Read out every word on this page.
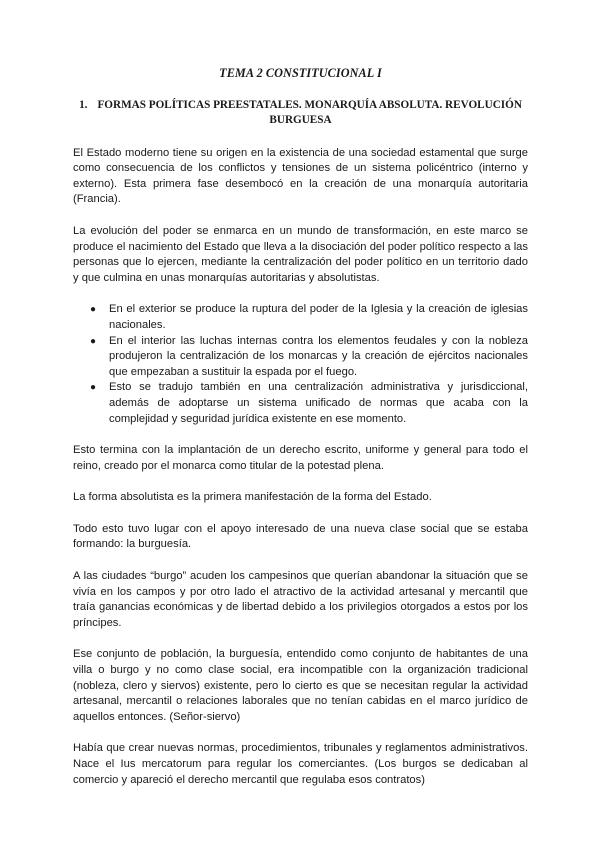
TEMA 2 CONSTITUCIONAL I
1. FORMAS POLÍTICAS PREESTATALES. MONARQUÍA ABSOLUTA. REVOLUCIÓN BURGUESA

El Estado moderno tiene su origen en la existencia de una sociedad estamental que surge como consecuencia de los conflictos y tensiones de un sistema policéntrico (interno y externo). Esta primera fase desembocó en la creación de una monarquía autoritaria (Francia).

La evolución del poder se enmarca en un mundo de transformación, en este marco se produce el nacimiento del Estado que lleva a la disociación del poder político respecto a las personas que lo ejercen, mediante la centralización del poder político en un territorio dado y que culmina en unas monarquías autoritarias y absolutistas.

● En el exterior se produce la ruptura del poder de la Iglesia y la creación de iglesias nacionales.
● En el interior las luchas internas contra los elementos feudales y con la nobleza produjeron la centralización de los monarcas y la creación de ejércitos nacionales que empezaban a sustituir la espada por el fuego.
● Esto se tradujo también en una centralización administrativa y jurisdiccional, además de adoptarse un sistema unificado de normas que acaba con la complejidad y seguridad jurídica existente en ese momento.

Esto termina con la implantación de un derecho escrito, uniforme y general para todo el reino, creado por el monarca como titular de la potestad plena.

La forma absolutista es la primera manifestación de la forma del Estado.

Todo esto tuvo lugar con el apoyo interesado de una nueva clase social que se estaba formando: la burguesía.

A las ciudades “burgo” acuden los campesinos que querían abandonar la situación que se vivía en los campos y por otro lado el atractivo de la actividad artesanal y mercantil que traía ganancias económicas y de libertad debido a los privilegios otorgados a estos por los príncipes.

Ese conjunto de población, la burguesía, entendido como conjunto de habitantes de una villa o burgo y no como clase social, era incompatible con la organización tradicional (nobleza, clero y siervos) existente, pero lo cierto es que se necesitan regular la actividad artesanal, mercantil o relaciones laborales que no tenían cabidas en el marco jurídico de aquellos entonces. (Señor-siervo)

Había que crear nuevas normas, procedimientos, tribunales y reglamentos administrativos. Nace el Ius mercatorum para regular los comerciantes. (Los burgos se dedicaban al comercio y apareció el derecho mercantil que regulaba esos contratos)
